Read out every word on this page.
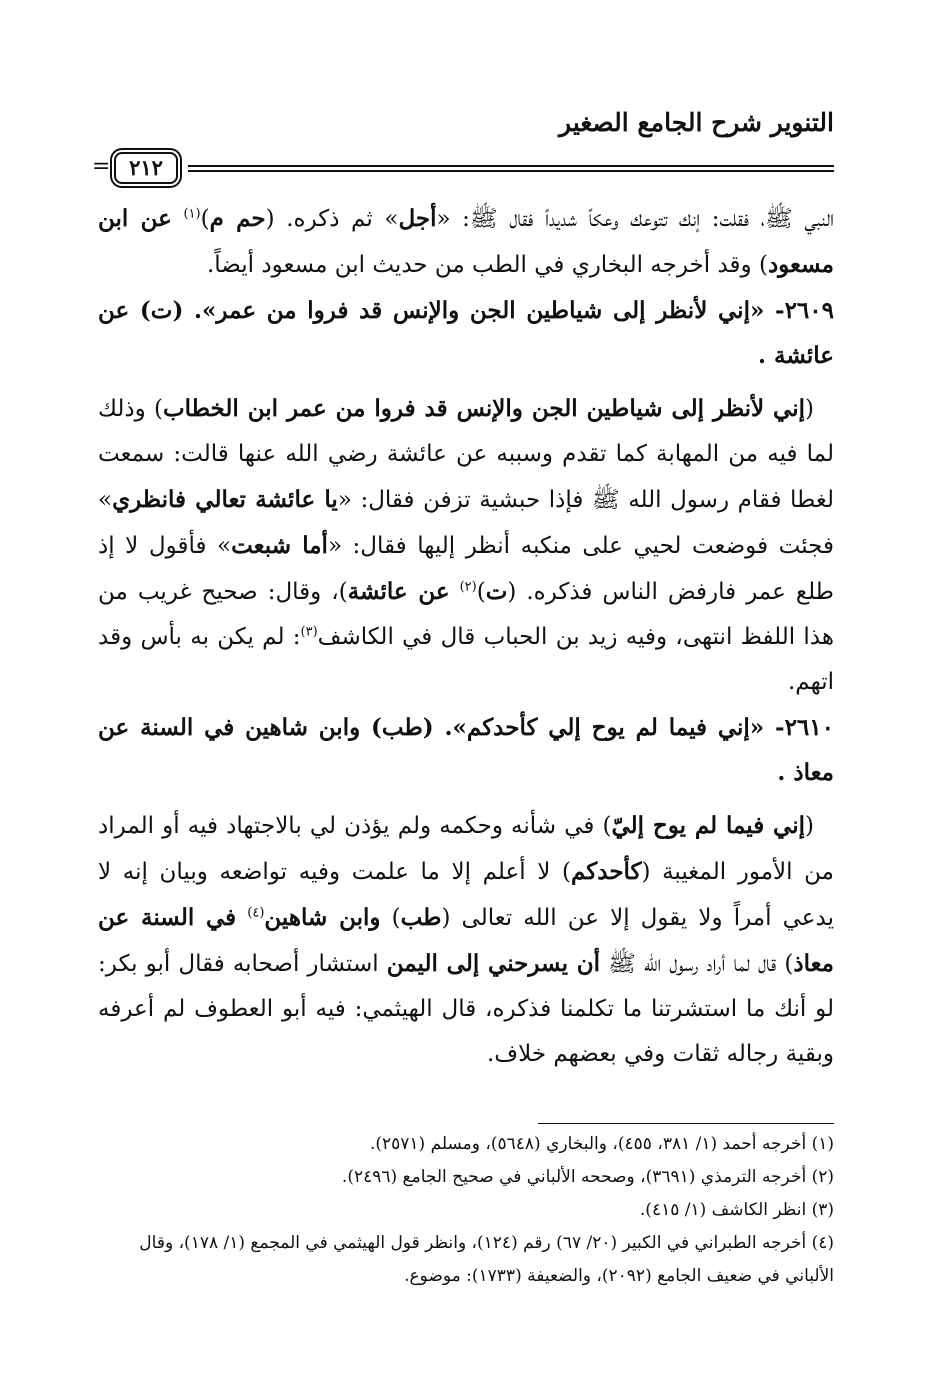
التنوير شرح الجامع الصغير
= ٢١٢

النبي ﷺ، فقلت: إنك تتوعك وعكاً شديداً فقال ﷺ: «أجل» ثم ذكره. (حم م)$^{(١)}$ عن ابن مسعود) وقد أخرجه البخاري في الطب من حديث ابن مسعود أيضاً.

٢٦٠٩- «إني لأنظر إلى شياطين الجن والإنس قد فروا من عمر». (ت) عن عائشة .

(إني لأنظر إلى شياطين الجن والإنس قد فروا من عمر ابن الخطاب) وذلك لما فيه من المهابة كما تقدم وسببه عن عائشة رضي الله عنها قالت: سمعت لغطا فقام رسول الله ﷺ فإذا حبشية تزفن فقال: «يا عائشة تعالي فانظري» فجئت فوضعت لحيي على منكبه أنظر إليها فقال: «أما شبعت» فأقول لا إذ طلع عمر فارفض الناس فذكره. (ت)$^{(٢)}$ عن عائشة)، وقال: صحيح غريب من هذا اللفظ انتهى، وفيه زيد بن الحباب قال في الكاشف$^{(٣)}$: لم يكن به بأس وقد اتهم.

٢٦١٠- «إني فيما لم يوح إلي كأحدكم». (طب) وابن شاهين في السنة عن معاذ .

(إني فيما لم يوح إليّ) في شأنه وحكمه ولم يؤذن لي بالاجتهاد فيه أو المراد من الأمور المغيبة (كأحدكم) لا أعلم إلا ما علمت وفيه تواضعه وبيان إنه لا يدعي أمراً ولا يقول إلا عن الله تعالى (طب) وابن شاهين$^{(٤)}$ في السنة عن معاذ) قال لما أراد رسول الله ﷺ أن يسرحني إلى اليمن استشار أصحابه فقال أبو بكر: لو أنك ما استشرتنا ما تكلمنا فذكره، قال الهيثمي: فيه أبو العطوف لم أعرفه وبقية رجاله ثقات وفي بعضهم خلاف.

(١) أخرجه أحمد (١/ ٣٨١، ٤٥٥)، والبخاري (٥٦٤٨)، ومسلم (٢٥٧١).

(٢) أخرجه الترمذي (٣٦٩١)، وصححه الألباني في صحيح الجامع (٢٤٩٦).

(٣) انظر الكاشف (١/ ٤١٥).

(٤) أخرجه الطبراني في الكبير (٢٠/ ٦٧) رقم (١٢٤)، وانظر قول الهيثمي في المجمع (١/ ١٧٨)، وقال الألباني في ضعيف الجامع (٢٠٩٢)، والضعيفة (١٧٣٣): موضوع.
